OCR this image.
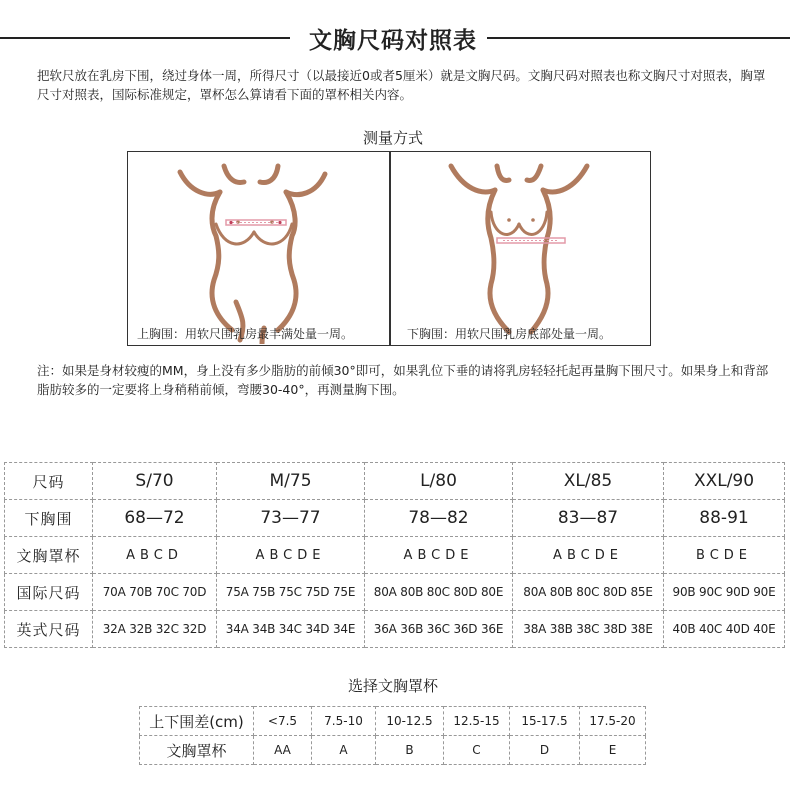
文胸尺码对照表
把软尺放在乳房下围，绕过身体一周，所得尺寸（以最接近0或者5厘米）就是文胸尺码。文胸尺码对照表也称文胸尺寸对照表，胸罩尺寸对照表，国际标准规定，罩杯怎么算请看下面的罩杯相关内容。
测量方式
上胸围：用软尺围乳房最丰满处量一周。	下胸围：用软尺围乳房底部处量一周。
注：如果是身材较瘦的MM，身上没有多少脂肪的前倾30°即可，如果乳位下垂的请将乳房轻轻托起再量胸下围尺寸。如果身上和背部脂肪较多的一定要将上身稍稍前倾，弯腰30-40°，再测量胸下围。
尺码	S/70	M/75	L/80	XL/85	XXL/90
下胸围	68—72	73—77	78—82	83—87	88-91
文胸罩杯	ABCD	ABCDE	ABCDE	ABCDE	BCDE
国际尺码	70A 70B 70C 70D	75A 75B 75C 75D 75E	80A 80B 80C 80D 80E	80A 80B 80C 80D 85E	90B 90C 90D 90E
英式尺码	32A 32B 32C 32D	34A 34B 34C 34D 34E	36A 36B 36C 36D 36E	38A 38B 38C 38D 38E	40B 40C 40D 40E
选择文胸罩杯
上下围差(cm)	<7.5	7.5-10	10-12.5	12.5-15	15-17.5	17.5-20
文胸罩杯	AA	A	B	C	D	E
